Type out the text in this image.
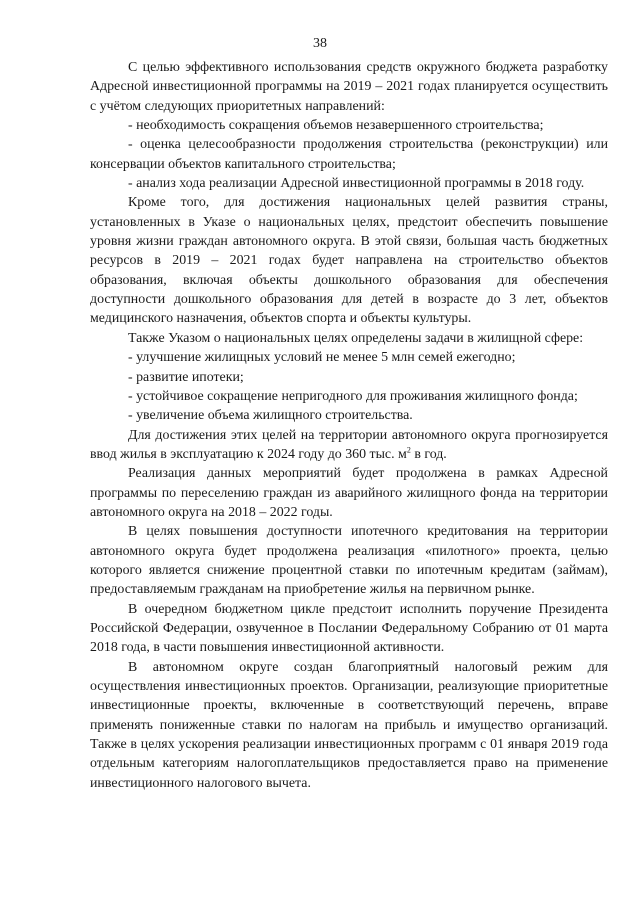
38

С целью эффективного использования средств окружного бюджета разработку Адресной инвестиционной программы на 2019 – 2021 годах планируется осуществить с учётом следующих приоритетных направлений:

- необходимость сокращения объемов незавершенного строительства;

- оценка целесообразности продолжения строительства (реконструкции) или консервации объектов капитального строительства;

- анализ хода реализации Адресной инвестиционной программы в 2018 году.

Кроме того, для достижения национальных целей развития страны, установленных в Указе о национальных целях, предстоит обеспечить повышение уровня жизни граждан автономного округа. В этой связи, большая часть бюджетных ресурсов в 2019 – 2021 годах будет направлена на строительство объектов образования, включая объекты дошкольного образования для обеспечения доступности дошкольного образования для детей в возрасте до 3 лет, объектов медицинского назначения, объектов спорта и объекты культуры.

Также Указом о национальных целях определены задачи в жилищной сфере:

- улучшение жилищных условий не менее 5 млн семей ежегодно;

- развитие ипотеки;

- устойчивое сокращение непригодного для проживания жилищного фонда;

- увеличение объема жилищного строительства.

Для достижения этих целей на территории автономного округа прогнозируется ввод жилья в эксплуатацию к 2024 году до 360 тыс. $м^2$ в год.

Реализация данных мероприятий будет продолжена в рамках Адресной программы по переселению граждан из аварийного жилищного фонда на территории автономного округа на 2018 – 2022 годы.

В целях повышения доступности ипотечного кредитования на территории автономного округа будет продолжена реализация «пилотного» проекта, целью которого является снижение процентной ставки по ипотечным кредитам (займам), предоставляемым гражданам на приобретение жилья на первичном рынке.

В очередном бюджетном цикле предстоит исполнить поручение Президента Российской Федерации, озвученное в Послании Федеральному Собранию от 01 марта 2018 года, в части повышения инвестиционной активности.

В автономном округе создан благоприятный налоговый режим для осуществления инвестиционных проектов. Организации, реализующие приоритетные инвестиционные проекты, включенные в соответствующий перечень, вправе применять пониженные ставки по налогам на прибыль и имущество организаций. Также в целях ускорения реализации инвестиционных программ с 01 января 2019 года отдельным категориям налогоплательщиков предоставляется право на применение инвестиционного налогового вычета.
